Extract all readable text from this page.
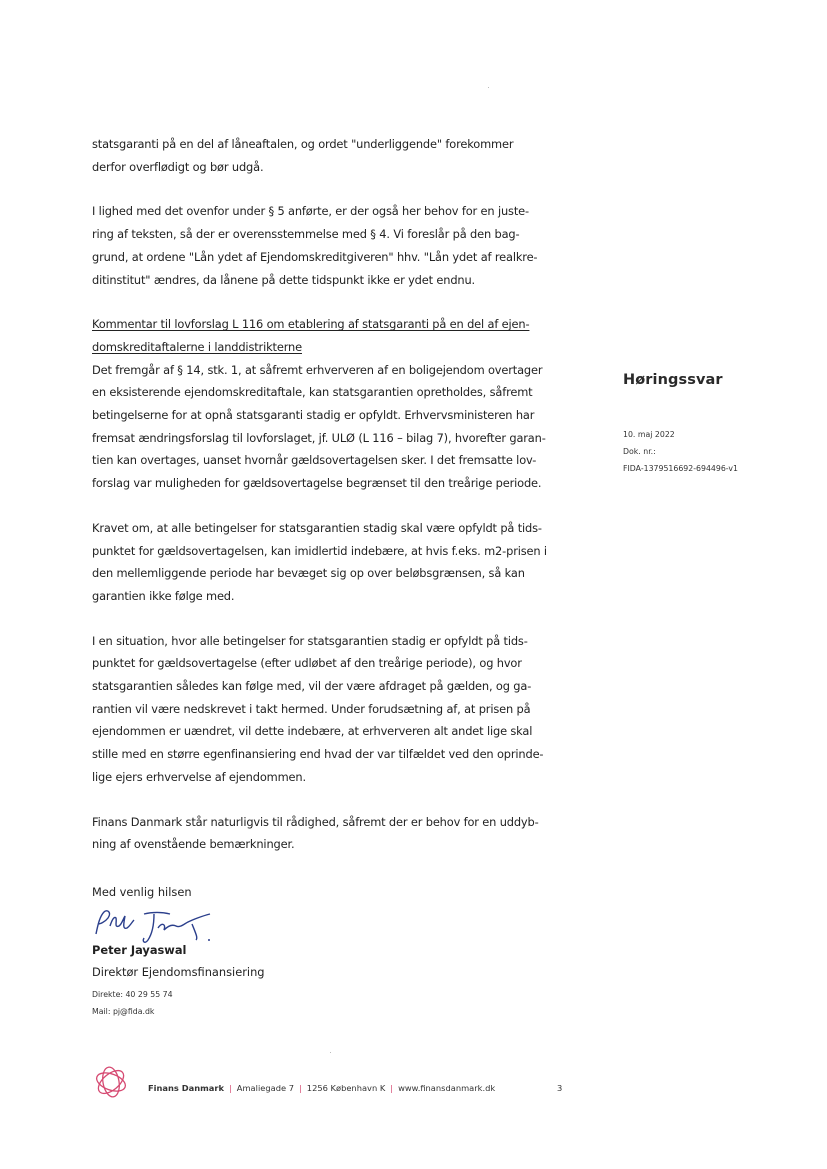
statsgaranti på en del af låneaftalen, og ordet "underliggende" forekommer
derfor overflødigt og bør udgå.
I lighed med det ovenfor under § 5 anførte, er der også her behov for en juste-
ring af teksten, så der er overensstemmelse med § 4. Vi foreslår på den bag-
grund, at ordene "Lån ydet af Ejendomskreditgiveren" hhv. "Lån ydet af realkre-
ditinstitut" ændres, da lånene på dette tidspunkt ikke er ydet endnu.
Kommentar til lovforslag L 116 om etablering af statsgaranti på en del af ejen-
domskreditaftalerne i landdistrikterne
Det fremgår af § 14, stk. 1, at såfremt erhververen af en boligejendom overtager
en eksisterende ejendomskreditaftale, kan statsgarantien opretholdes, såfremt
betingelserne for at opnå statsgaranti stadig er opfyldt. Erhvervsministeren har
fremsat ændringsforslag til lovforslaget, jf. ULØ (L 116 – bilag 7), hvorefter garan-
tien kan overtages, uanset hvornår gældsovertagelsen sker. I det fremsatte lov-
forslag var muligheden for gældsovertagelse begrænset til den treårige periode.
Kravet om, at alle betingelser for statsgarantien stadig skal være opfyldt på tids-
punktet for gældsovertagelsen, kan imidlertid indebære, at hvis f.eks. m2-prisen i
den mellemliggende periode har bevæget sig op over beløbsgrænsen, så kan
garantien ikke følge med.
I en situation, hvor alle betingelser for statsgarantien stadig er opfyldt på tids-
punktet for gældsovertagelse (efter udløbet af den treårige periode), og hvor
statsgarantien således kan følge med, vil der være afdraget på gælden, og ga-
rantien vil være nedskrevet i takt hermed. Under forudsætning af, at prisen på
ejendommen er uændret, vil dette indebære, at erhververen alt andet lige skal
stille med en større egenfinansiering end hvad der var tilfældet ved den oprinde-
lige ejers erhvervelse af ejendommen.
Finans Danmark står naturligvis til rådighed, såfremt der er behov for en uddyb-
ning af ovenstående bemærkninger.
Høringssvar
10. maj 2022
Dok. nr.:
FIDA-1379516692-694496-v1
Med venlig hilsen
Peter Jayaswal
Direktør Ejendomsfinansiering
Direkte: 40 29 55 74
Mail: pj@fida.dk
Finans Danmark | Amaliegade 7 | 1256 København K | www.finansdanmark.dk	3
